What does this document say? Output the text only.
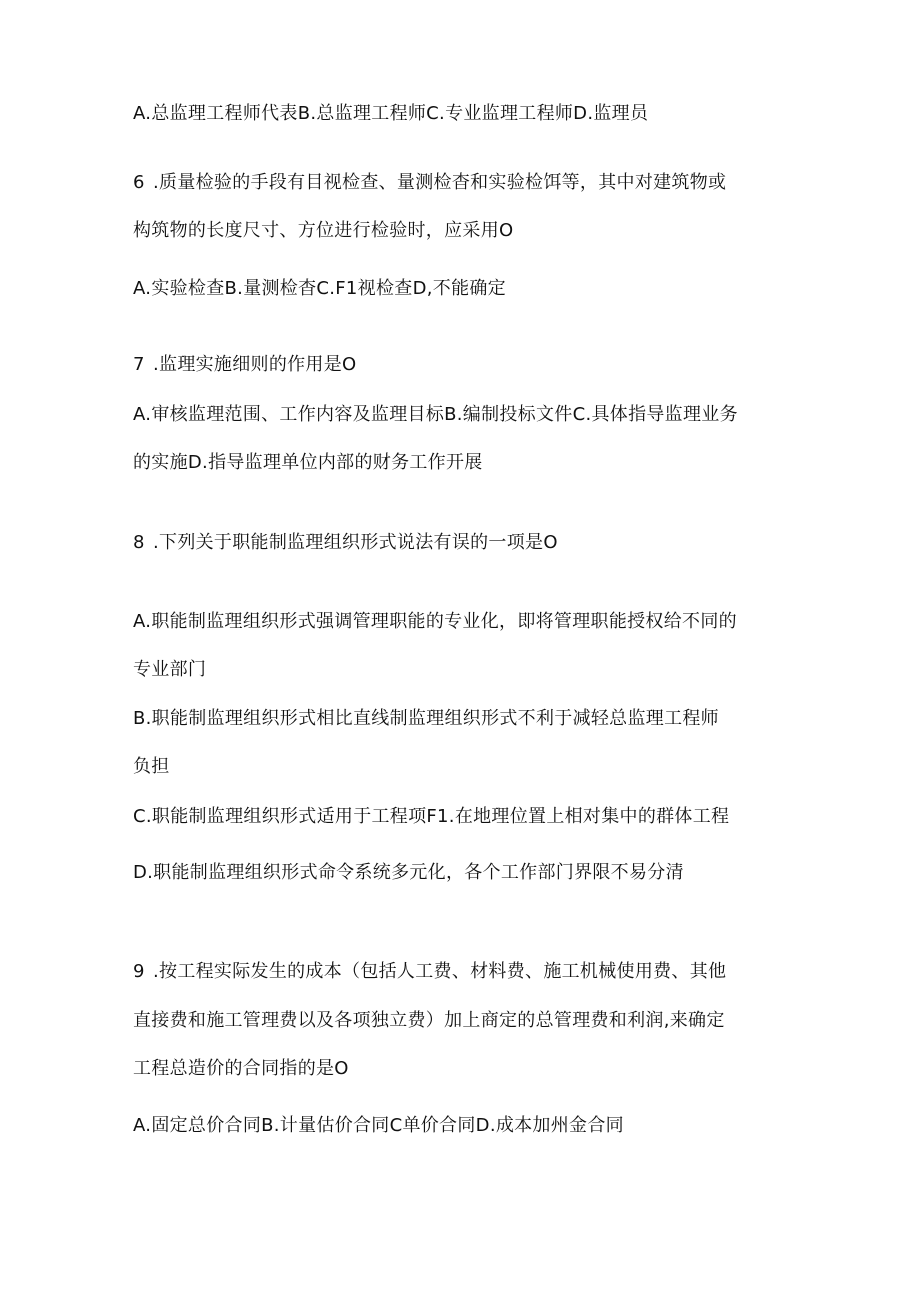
A.总监理工程师代表B.总监理工程师C.专业监理工程师D.监理员
6 .质量检验的手段有目视检查、量测检杳和实验检饵等，其中对建筑物或
构筑物的长度尺寸、方位进行检验时，应采用O
A.实验检查B.量测检杳C.F1视检查D,不能确定
7 .监理实施细则的作用是O
A.审核监理范围、工作内容及监理目标B.编制投标文件C.具体指导监理业务
的实施D.指导监理单位内部的财务工作开展
8 .下列关于职能制监理组织形式说法有误的一项是O
A.职能制监理组织形式强调管理职能的专业化，即将管理职能授权给不同的
专业部门
B.职能制监理组织形式相比直线制监理组织形式不利于减轻总监理工程师
负担
C.职能制监理组织形式适用于工程项F1.在地理位置上相对集中的群体工程
D.职能制监理组织形式命令系统多元化，各个工作部门界限不易分清
9 .按工程实际发生的成本（包括人工费、材料费、施工机械使用费、其他
直接费和施工管理费以及各项独立费）加上商定的总管理费和利润,来确定
工程总造价的合同指的是O
A.固定总价合同B.计量估价合同C单价合同D.成本加州金合同
